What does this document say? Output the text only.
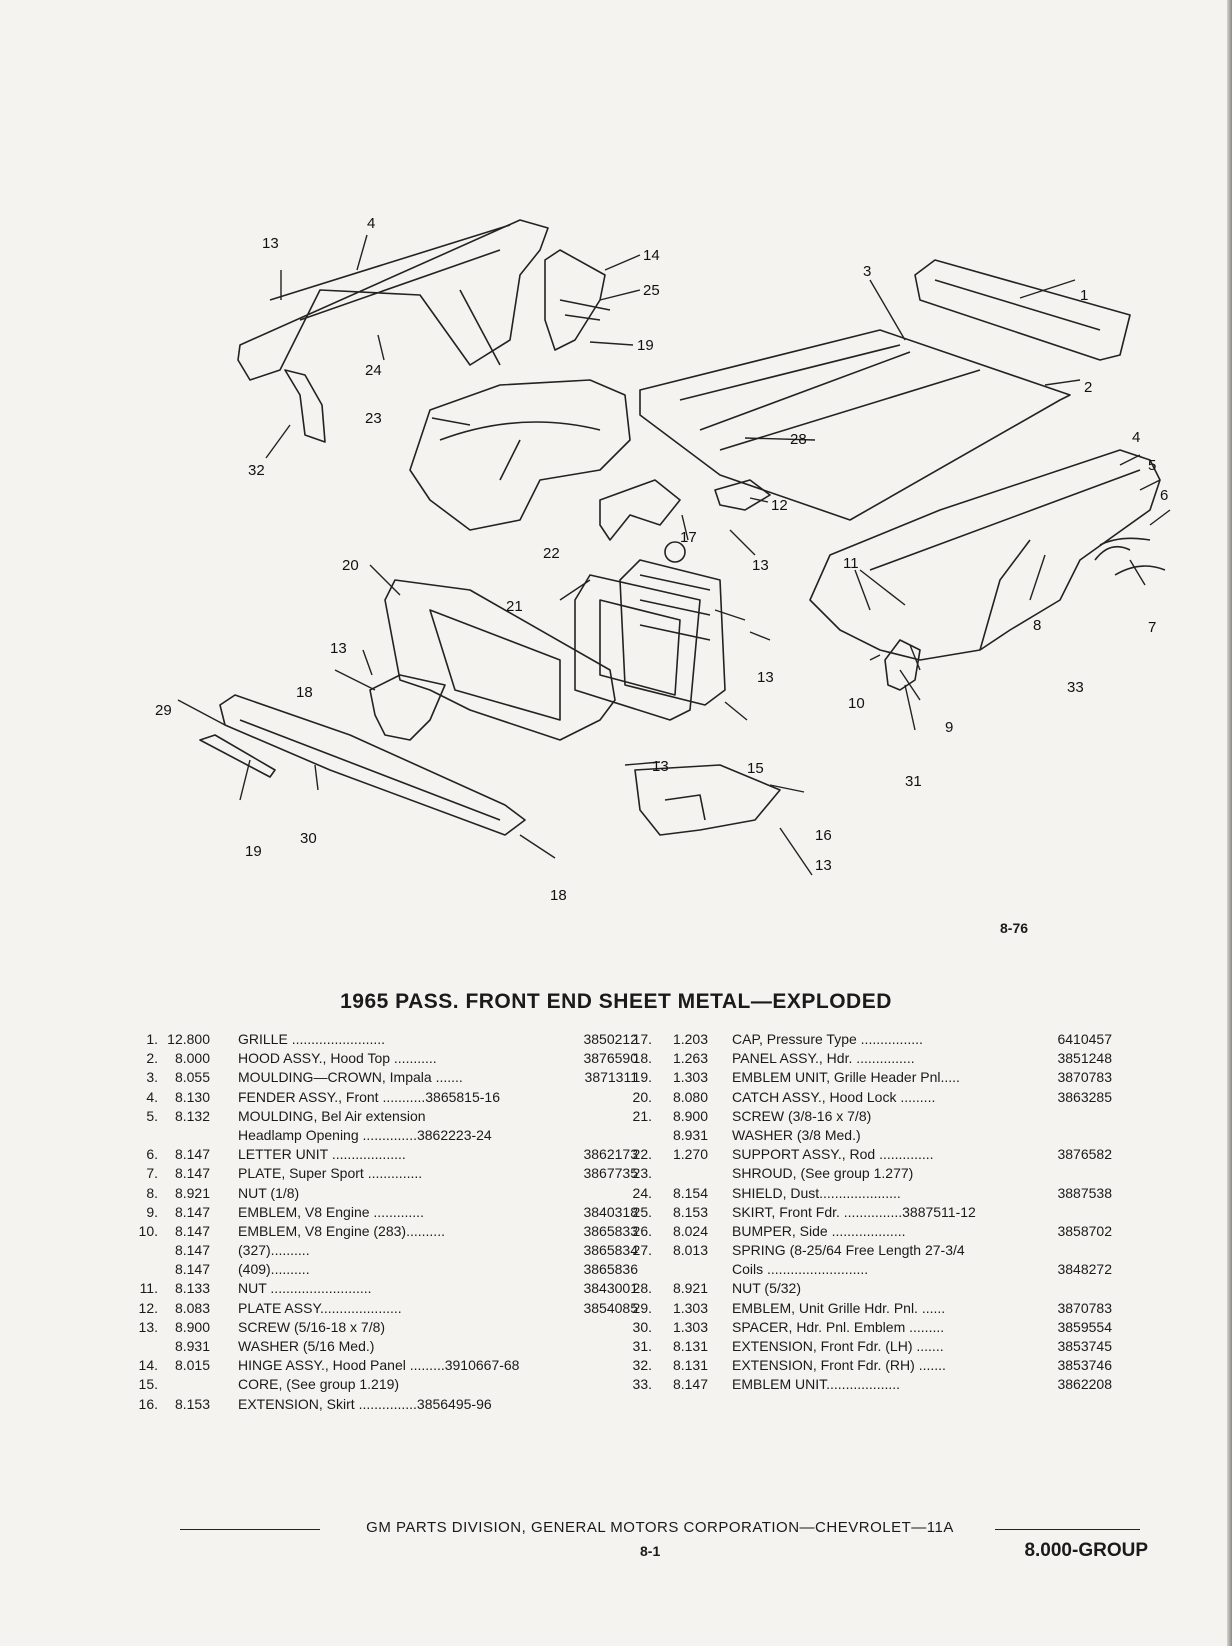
4
13
14
25
19
24
23
32
3
1
2
28	4
5
6
12
13
22
17
11
7
8
20
21
13
13
33
10
9
18
29
13	15
31
16
30
19
13
18
8-76
1965 PASS. FRONT END SHEET METAL—EXPLODED
1. 12.800 GRILLE ........................	3850212
2.	8.000 HOOD ASSY., Hood Top ...........	3876590
3.	8.055 MOULDING—CROWN, Impala .......	3871311
4.	8.130 FENDER ASSY., Front ...........3865815-16
5.	8.132 MOULDING, Bel Air extension
Headlamp Opening ..............3862223-24
6.	8.147 LETTER UNIT ...................	3862173
7.	8.147 PLATE, Super Sport ..............	3867735
8.	8.921 NUT (1/8)
9.	8.147 EMBLEM, V8 Engine .............	3840318
10.	8.147 EMBLEM, V8 Engine (283)..........	3865833
8.147 (327)..........	3865834
8.147 (409)..........	3865836
11.	8.133 NUT ..........................	3843001
12.	8.083 PLATE ASSY.....................	3854085
13.	8.900 SCREW (5/16-18 x 7/8)
8.931 WASHER (5/16 Med.)
14.	8.015 HINGE ASSY., Hood Panel .........3910667-68
15.	CORE, (See group 1.219)
16.	8.153 EXTENSION, Skirt ...............3856495-96
17.	1.203 CAP, Pressure Type ................	6410457
18.	1.263 PANEL ASSY., Hdr. ...............	3851248
19.	1.303 EMBLEM UNIT, Grille Header Pnl.....	3870783
20.	8.080 CATCH ASSY., Hood Lock .........	3863285
21.	8.900 SCREW (3/8-16 x 7/8)
8.931 WASHER (3/8 Med.)
22.	1.270 SUPPORT ASSY., Rod ..............	3876582
23.	SHROUD, (See group 1.277)
24.	8.154 SHIELD, Dust.....................	3887538
25.	8.153 SKIRT, Front Fdr. ...............3887511-12
26.	8.024 BUMPER, Side ...................	3858702
27.	8.013 SPRING (8-25/64 Free Length 27-3/4
Coils ..........................	3848272
28.	8.921 NUT (5/32)
29.	1.303 EMBLEM, Unit Grille Hdr. Pnl. ......	3870783
30.	1.303 SPACER, Hdr. Pnl. Emblem .........	3859554
31.	8.131 EXTENSION, Front Fdr. (LH) .......	3853745
32.	8.131 EXTENSION, Front Fdr. (RH) .......	3853746
33.	8.147 EMBLEM UNIT...................	3862208
GM PARTS DIVISION, GENERAL MOTORS CORPORATION—CHEVROLET—11A
8-1	8.000-GROUP
